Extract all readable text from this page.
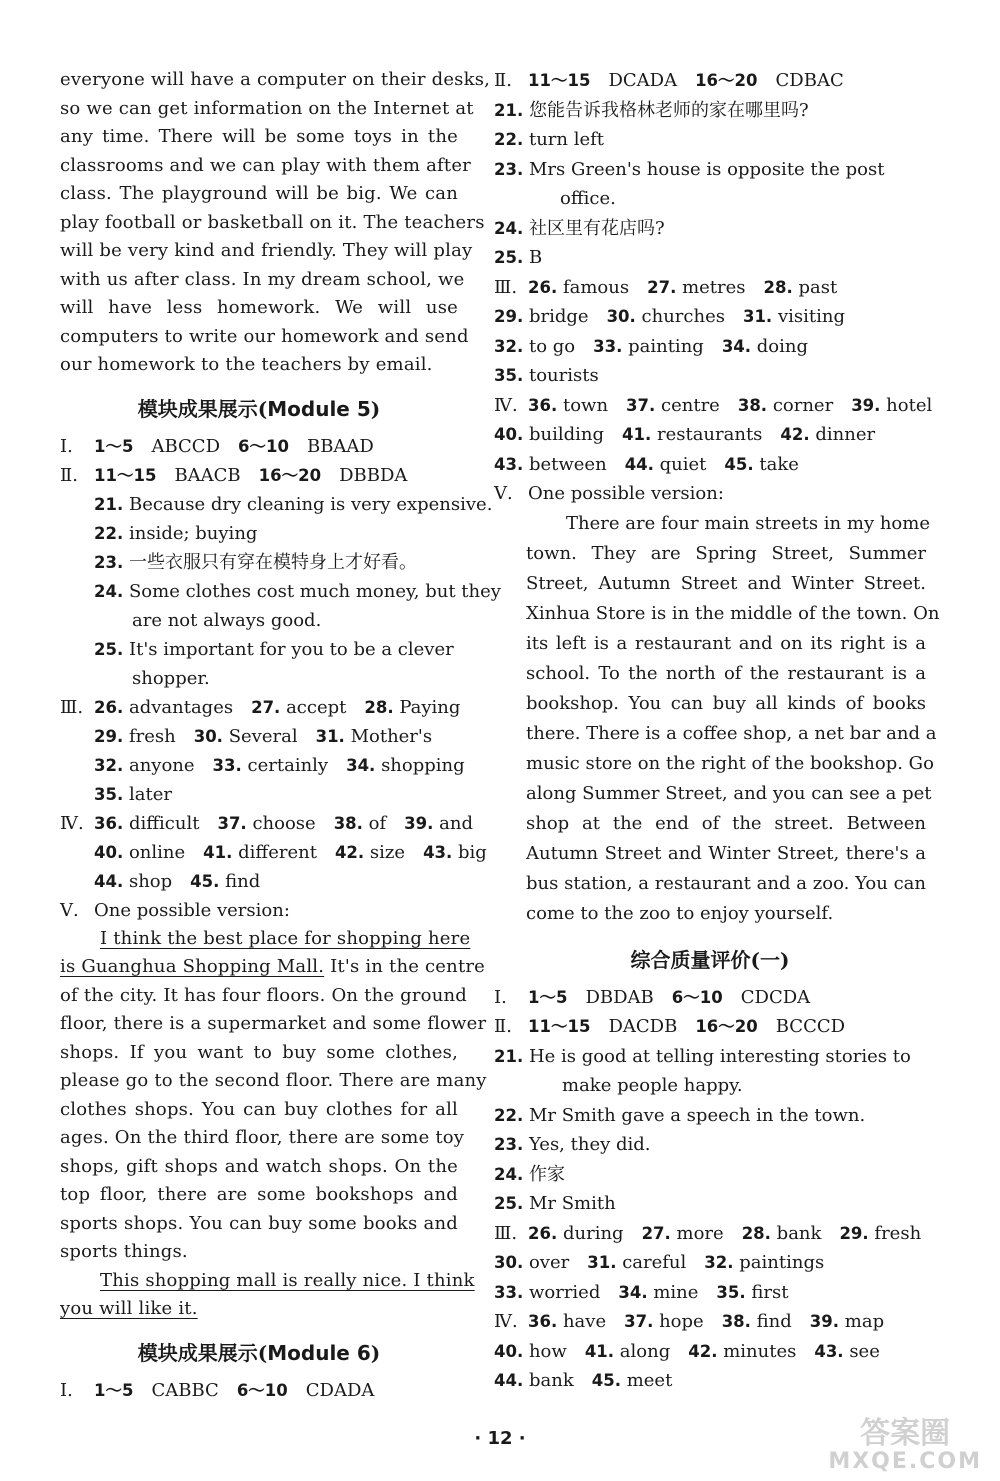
everyone will have a computer on their desks,
so we can get information on the Internet at
any time. There will be some toys in the
classrooms and we can play with them after
class. The playground will be big. We can
play football or basketball on it. The teachers
will be very kind and friendly. They will play
with us after class. In my dream school, we
will have less homework. We will use
computers to write our homework and send
our homework to the teachers by email.
模块成果展示(Module 5)
Ⅰ. 1～5 ABCCD 6～10 BBAAD
Ⅱ. 11～15 BAACB 16～20 DBBDA
21. Because dry cleaning is very expensive.
22. inside; buying
23. 一些衣服只有穿在模特身上才好看。
24. Some clothes cost much money, but they
are not always good.
25. It's important for you to be a clever
shopper.
Ⅲ. 26. advantages 27. accept 28. Paying
29. fresh 30. Several 31. Mother's
32. anyone 33. certainly 34. shopping
35. later
Ⅳ. 36. difficult 37. choose 38. of 39. and
40. online 41. different 42. size 43. big
44. shop 45. find
Ⅴ. One possible version:
I think the best place for shopping here
is Guanghua Shopping Mall. It's in the centre
of the city. It has four floors. On the ground
floor, there is a supermarket and some flower
shops. If you want to buy some clothes,
please go to the second floor. There are many
clothes shops. You can buy clothes for all
ages. On the third floor, there are some toy
shops, gift shops and watch shops. On the
top floor, there are some bookshops and
sports shops. You can buy some books and
sports things.
This shopping mall is really nice. I think
you will like it.
模块成果展示(Module 6)
Ⅰ. 1～5 CABBC 6～10 CDADA
Ⅱ. 11～15 DCADA 16～20 CDBAC
21. 您能告诉我格林老师的家在哪里吗?
22. turn left
23. Mrs Green's house is opposite the post
office.
24. 社区里有花店吗?
25. B
Ⅲ. 26. famous 27. metres 28. past
29. bridge 30. churches 31. visiting
32. to go 33. painting 34. doing
35. tourists
Ⅳ. 36. town 37. centre 38. corner 39. hotel
40. building 41. restaurants 42. dinner
43. between 44. quiet 45. take
Ⅴ. One possible version:
There are four main streets in my home
town. They are Spring Street, Summer
Street, Autumn Street and Winter Street.
Xinhua Store is in the middle of the town. On
its left is a restaurant and on its right is a
school. To the north of the restaurant is a
bookshop. You can buy all kinds of books
there. There is a coffee shop, a net bar and a
music store on the right of the bookshop. Go
along Summer Street, and you can see a pet
shop at the end of the street. Between
Autumn Street and Winter Street, there's a
bus station, a restaurant and a zoo. You can
come to the zoo to enjoy yourself.
综合质量评价(一)
Ⅰ. 1～5 DBDAB 6～10 CDCDA
Ⅱ. 11～15 DACDB 16～20 BCCCD
21. He is good at telling interesting stories to
make people happy.
22. Mr Smith gave a speech in the town.
23. Yes, they did.
24. 作家
25. Mr Smith
Ⅲ. 26. during 27. more 28. bank 29. fresh
30. over 31. careful 32. paintings
33. worried 34. mine 35. first
Ⅳ. 36. have 37. hope 38. find 39. map
40. how 41. along 42. minutes 43. see
44. bank 45. meet
· 12 ·	答案圈
MXQE.COM
